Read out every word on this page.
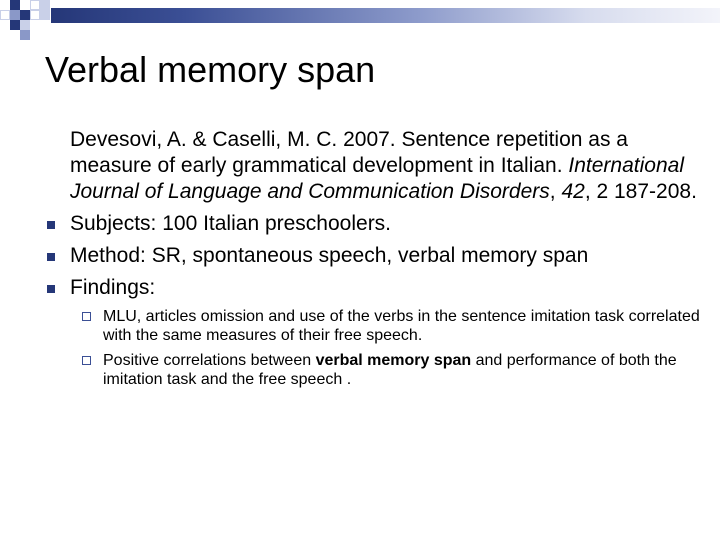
Verbal memory span

Devesovi, A. & Caselli, M. C. 2007. Sentence repetition as a measure of early grammatical development in Italian. International Journal of Language and Communication Disorders, 42, 2 187-208.

Subjects: 100 Italian preschoolers.
Method: SR, spontaneous speech, verbal memory span
Findings:
MLU, articles omission and use of the verbs in the sentence imitation task correlated with the same measures of their free speech.
Positive correlations between verbal memory span and performance of both the imitation task and the free speech .
